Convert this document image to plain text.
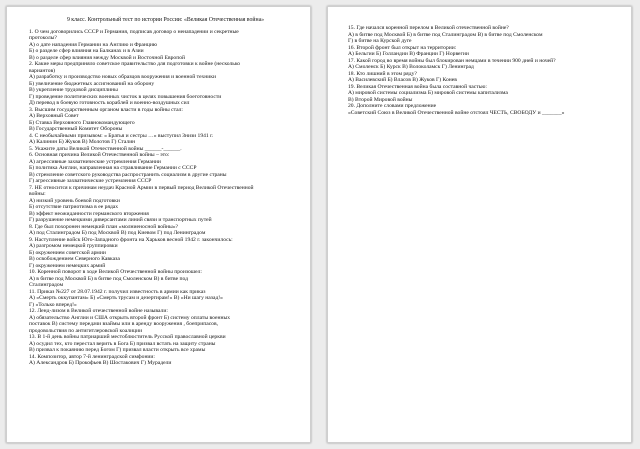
9 класс. Контрольный тест по истории России: «Великая Отечественная война»
1. О чем договорились СССР и Германия, подписав договор о ненападении и секретные
протоколы?
А) о дате нападения Германии на Англию и Францию
Б) о разделе сфер влияния на Балканах и в Азии
В) о разделе сфер влияния между Москвой и Восточной Европой
2. Какие меры предприняло советское правительство для подготовки к войне (несколько
вариантов)
А) разработку и производство новых образцов вооружения и военной техники
Б) увеличение бюджетных ассигнований на оборону
В) укрепление трудовой дисциплины
Г) проведение политических военных чисток в целях повышения боеготовности
Д) перевод в боевую готовность кораблей и военно-воздушных сил
3. Высшим государственным органом власти в годы войны стал:
А) Верховный Совет
Б) Ставка Верховного Главнокомандующего
В) Государственный Комитет Обороны
4. С необычайными призывом: « Братья и сестры …» выступил Знизи 1941 г.
А) Калинин Б) Жуков В) Молотов Г) Сталин
5. Укажите даты Великой Отечественной войны ______-______.
6. Основная причина Великой Отечественной войны – это:
А) агрессивные захватнические устремления Германии
Б) политика Англии, направленная на стравливание Германии с СССР
В) стремление советского руководства распространить социализм в другие страны
Г) агрессивные захватнические устремления СССР
7. НЕ относится к причинам неудач Красной Армии в первый период Великой Отечественной
войны:
А) низкий уровень боевой подготовки
Б) отсутствие патриотизма в ее рядах
В) эффект неожиданности германского вторжения
Г) разрушение немецкими диверсантами линий связи и транспортных путей
8. Где был похоронен немецкий план «молниеносной войны»?
А) под Сталинградом Б) под Москвой В) под Киевом Г) под Ленинградом
9. Наступление войск Юго-Западного фронта на Харьков весной 1942 г. закончилось:
А) разгромом немецкой группировки
Б) окружением советской армии
В) освобождением Северного Кавказа
Г) окружением немецких армий
10. Коренной поворот в ходе Великой Отечественной войны произошел:
А) в битве под Москвой Б) в битве под Смоленском В) в битве под
Сталинградом
11. Приказ №227 от 28.07.1942 г. получил известность в армии как приказ
А) «Смерть оккупантам» Б) «Смерть трусам и дезертирам!» В) «Ни шагу назад!»
Г) «Только вперед!»
12. Ленд-лизом в Великой отечественной войне называли:
А) обязательство Англии и США открыть второй фронт Б) систему оплаты военных
поставок В) систему передачи взаймы или в аренду вооружения , боеприпасов,
продовольствия по антигитлеровской коалиции
13. В 1-й день войны патриарший местоблюститель Русской православной церкви
А) осудил тех, кто перестал верить в Бога Б) призвал встать на защиту страны
В) призвал к покаянию перед Богом Г) призвал власти открыть все храмы
14. Композитор, автор 7-й ленинградской симфонии:
А) Александров Б) Прокофьев В) Шостакович Г) Мурадели
15. Где начался коренной перелом в Великой отечественной войне?
А) в битве под Москвой Б) в битве под Сталинградом В) в битве под Смоленском
Г) в битве на Курской дуге
16. Второй фронт был открыт на территории:
А) Бельгии Б) Голландии В) Франции Г) Норвегии
17. Какой город во время войны был блокирован немцами в течении 900 дней и ночей?
А) Смоленск Б) Курск В) Волоколамск Г) Ленинград
18. Кто лишний в этом ряду?
А) Василевский Б) Власов В) Жуков Г) Конев
19. Великая Отечественная война была составной частью:
А) мировой системы социализма Б) мировой системы капитализма
В) Второй Мировой войны
20. Дополните словами предложение
«Советский Союз в Великой Отечественной войне отстоял ЧЕСТЬ, СВОБОДУ и _______»
